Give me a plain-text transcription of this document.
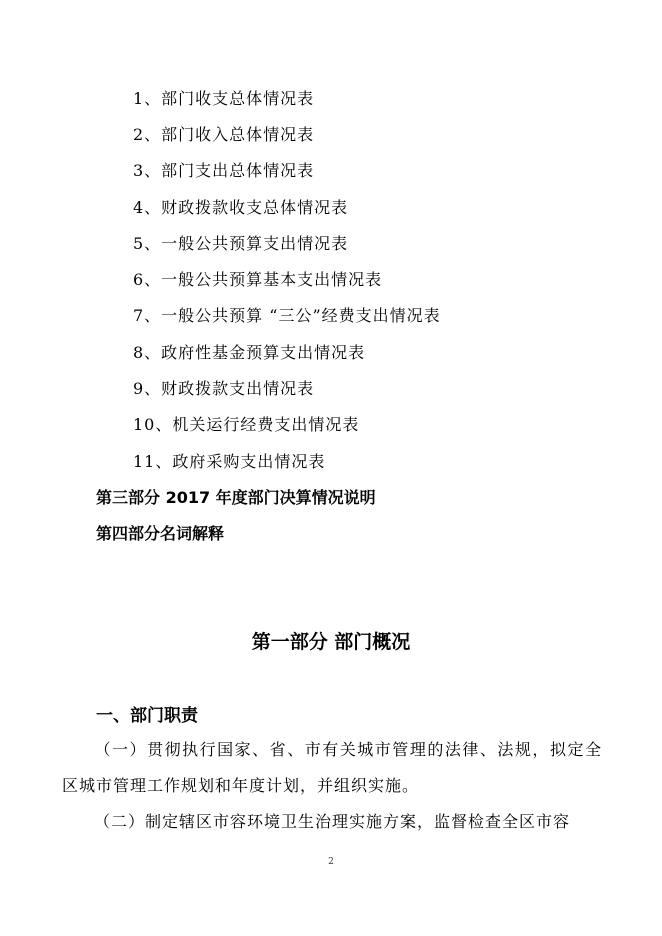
1、部门收支总体情况表
2、部门收入总体情况表
3、部门支出总体情况表
4、财政拨款收支总体情况表
5、一般公共预算支出情况表
6、一般公共预算基本支出情况表
7、一般公共预算 “三公”经费支出情况表
8、政府性基金预算支出情况表
9、财政拨款支出情况表
10、机关运行经费支出情况表
11、政府采购支出情况表
第三部分 2017 年度部门决算情况说明
第四部分名词解释
第一部分 部门概况
一、部门职责
（一）贯彻执行国家、省、市有关城市管理的法律、法规，拟定全区城市管理工作规划和年度计划，并组织实施。
（二）制定辖区市容环境卫生治理实施方案，监督检查全区市容
2
